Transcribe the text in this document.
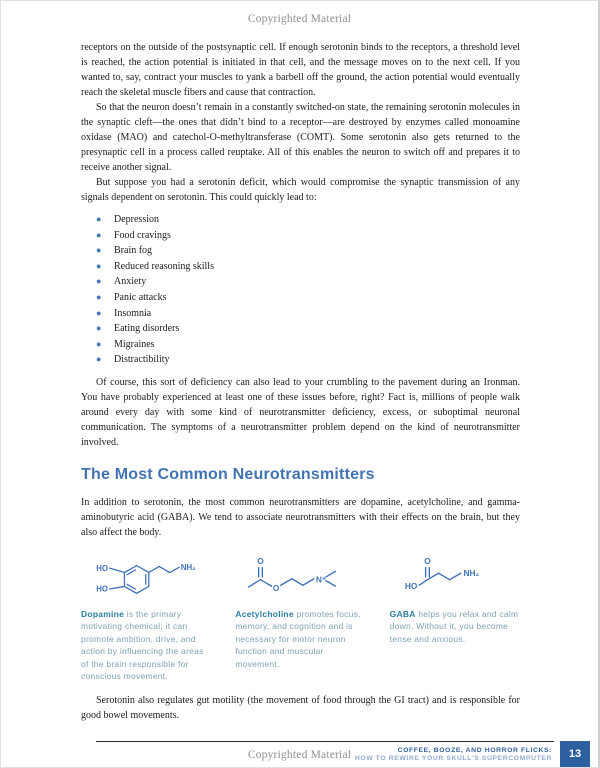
Copyrighted Material

receptors on the outside of the postsynaptic cell. If enough serotonin binds to the receptors, a threshold level is reached, the action potential is initiated in that cell, and the message moves on to the next cell. If you wanted to, say, contract your muscles to yank a barbell off the ground, the action potential would eventually reach the skeletal muscle fibers and cause that contraction.

So that the neuron doesn’t remain in a constantly switched-on state, the remaining serotonin molecules in the synaptic cleft—the ones that didn’t bind to a receptor—are destroyed by enzymes called monoamine oxidase (MAO) and catechol-O-methyltransferase (COMT). Some serotonin also gets returned to the presynaptic cell in a process called reuptake. All of this enables the neuron to switch off and prepares it to receive another signal.

But suppose you had a serotonin deficit, which would compromise the synaptic transmission of any signals dependent on serotonin. This could quickly lead to:

●	Depression
●	Food cravings
●	Brain fog
●	Reduced reasoning skills
●	Anxiety
●	Panic attacks
●	Insomnia
●	Eating disorders
●	Migraines
●	Distractibility

Of course, this sort of deficiency can also lead to your crumbling to the pavement during an Ironman. You have probably experienced at least one of these issues before, right? Fact is, millions of people walk around every day with some kind of neurotransmitter deficiency, excess, or suboptimal neuronal communication. The symptoms of a neurotransmitter problem depend on the kind of neurotransmitter involved.

The Most Common Neurotransmitters

In addition to serotonin, the most common neurotransmitters are dopamine, acetylcholine, and gamma-aminobutyric acid (GABA). We tend to associate neurotransmitters with their effects on the brain, but they also affect the body.

HO
HO
NH₂

Dopamine is the primary motivating chemical; it can promote ambition, drive, and action by influencing the areas of the brain responsible for conscious movement.

O
O
N⁺

Acetylcholine promotes focus, memory, and cognition and is necessary for motor neuron function and muscular movement.

O
HO
NH₂

GABA helps you relax and calm down. Without it, you become tense and anxious.

Serotonin also regulates gut motility (the movement of food through the GI tract) and is responsible for good bowel movements.

Copyrighted Material	COFFEE, BOOZE, AND HORROR FLICKS:
HOW TO REWIRE YOUR SKULL'S SUPERCOMPUTER	13
